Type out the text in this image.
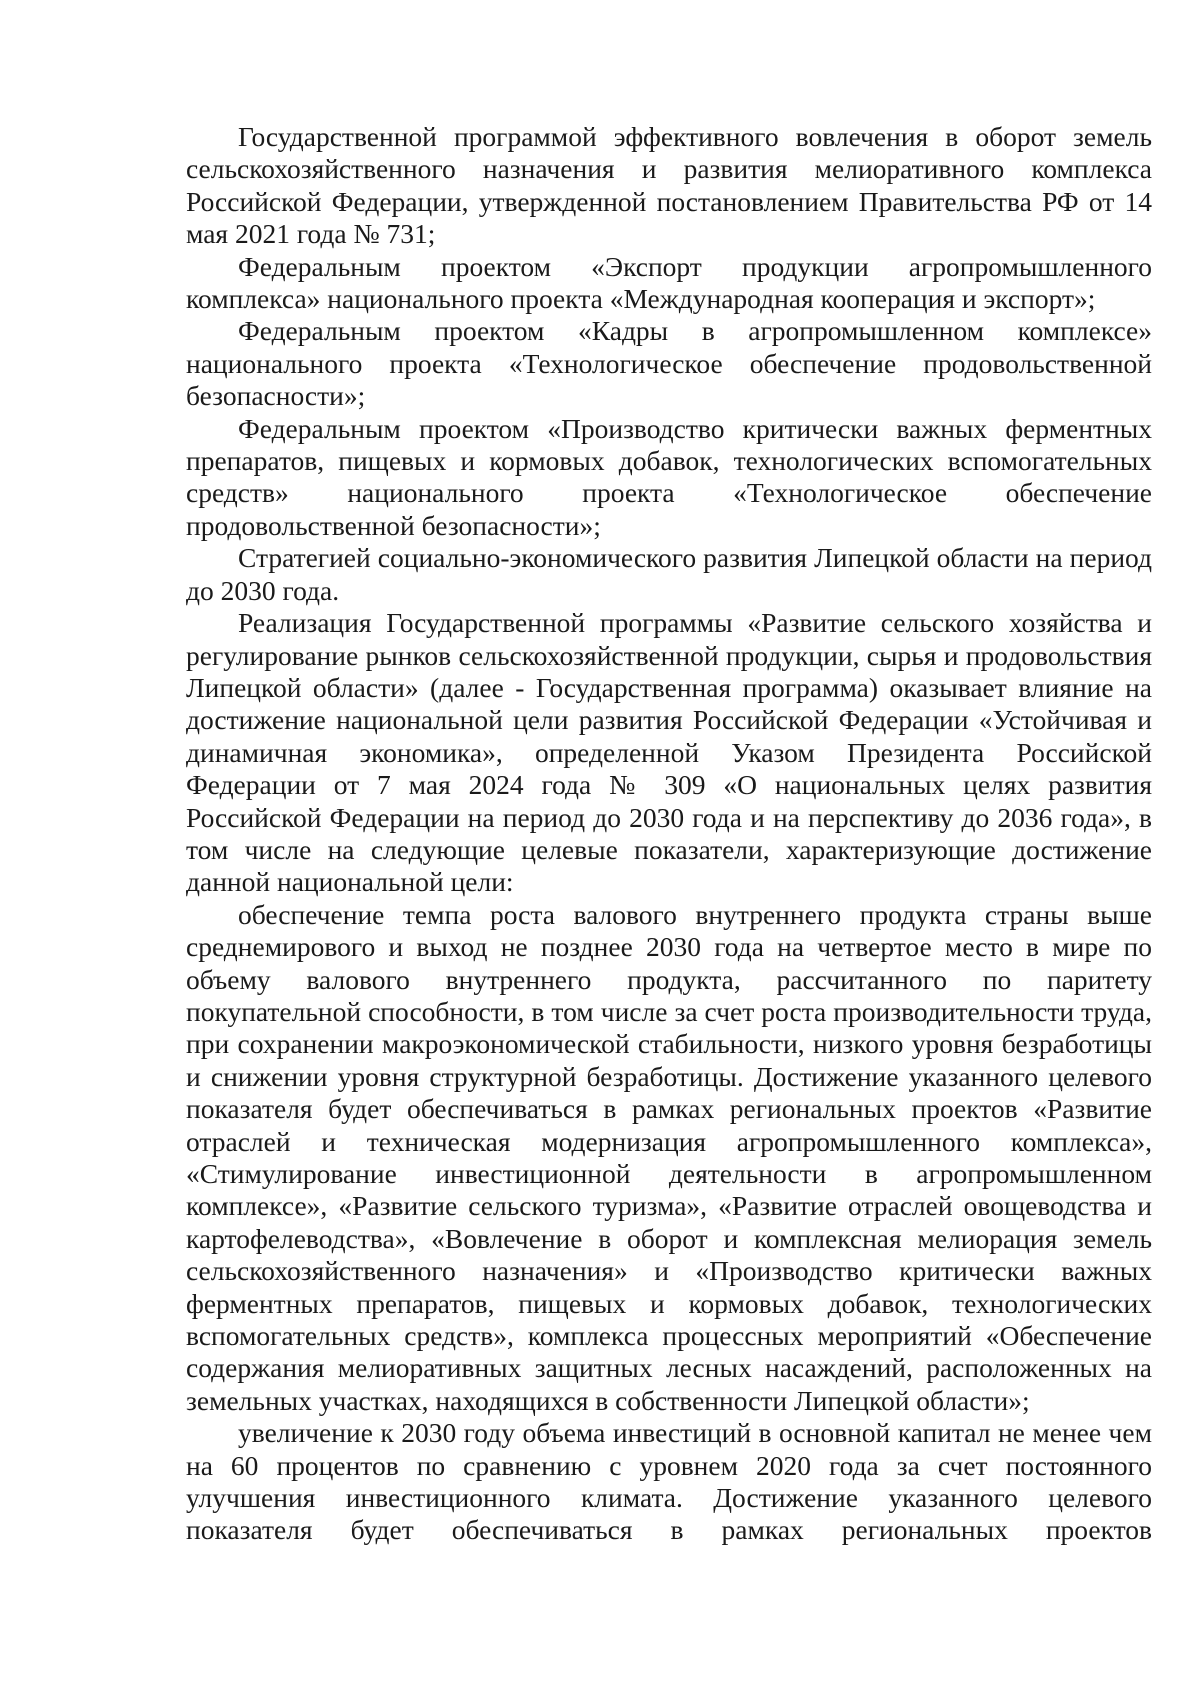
Государственной программой эффективного вовлечения в оборот земель сельскохозяйственного назначения и развития мелиоративного комплекса Российской Федерации, утвержденной постановлением Правительства РФ от 14 мая 2021 года № 731;

Федеральным проектом «Экспорт продукции агропромышленного комплекса» национального проекта «Международная кооперация и экспорт»;

Федеральным проектом «Кадры в агропромышленном комплексе» национального проекта «Технологическое обеспечение продовольственной безопасности»;

Федеральным проектом «Производство критически важных ферментных препаратов, пищевых и кормовых добавок, технологических вспомогательных средств» национального проекта «Технологическое обеспечение продовольственной безопасности»;

Стратегией социально-экономического развития Липецкой области на период до 2030 года.

Реализация Государственной программы «Развитие сельского хозяйства и регулирование рынков сельскохозяйственной продукции, сырья и продовольствия Липецкой области» (далее - Государственная программа) оказывает влияние на достижение национальной цели развития Российской Федерации «Устойчивая и динамичная экономика», определенной Указом Президента Российской Федерации от 7 мая 2024 года № 309 «О национальных целях развития Российской Федерации на период до 2030 года и на перспективу до 2036 года», в том числе на следующие целевые показатели, характеризующие достижение данной национальной цели:

обеспечение темпа роста валового внутреннего продукта страны выше среднемирового и выход не позднее 2030 года на четвертое место в мире по объему валового внутреннего продукта, рассчитанного по паритету покупательной способности, в том числе за счет роста производительности труда, при сохранении макроэкономической стабильности, низкого уровня безработицы и снижении уровня структурной безработицы. Достижение указанного целевого показателя будет обеспечиваться в рамках региональных проектов «Развитие отраслей и техническая модернизация агропромышленного комплекса», «Стимулирование инвестиционной деятельности в агропромышленном комплексе», «Развитие сельского туризма», «Развитие отраслей овощеводства и картофелеводства», «Вовлечение в оборот и комплексная мелиорация земель сельскохозяйственного назначения» и «Производство критически важных ферментных препаратов, пищевых и кормовых добавок, технологических вспомогательных средств», комплекса процессных мероприятий «Обеспечение содержания мелиоративных защитных лесных насаждений, расположенных на земельных участках, находящихся в собственности Липецкой области»;

увеличение к 2030 году объема инвестиций в основной капитал не менее чем на 60 процентов по сравнению с уровнем 2020 года за счет постоянного улучшения инвестиционного климата. Достижение указанного целевого показателя будет обеспечиваться в рамках региональных проектов
